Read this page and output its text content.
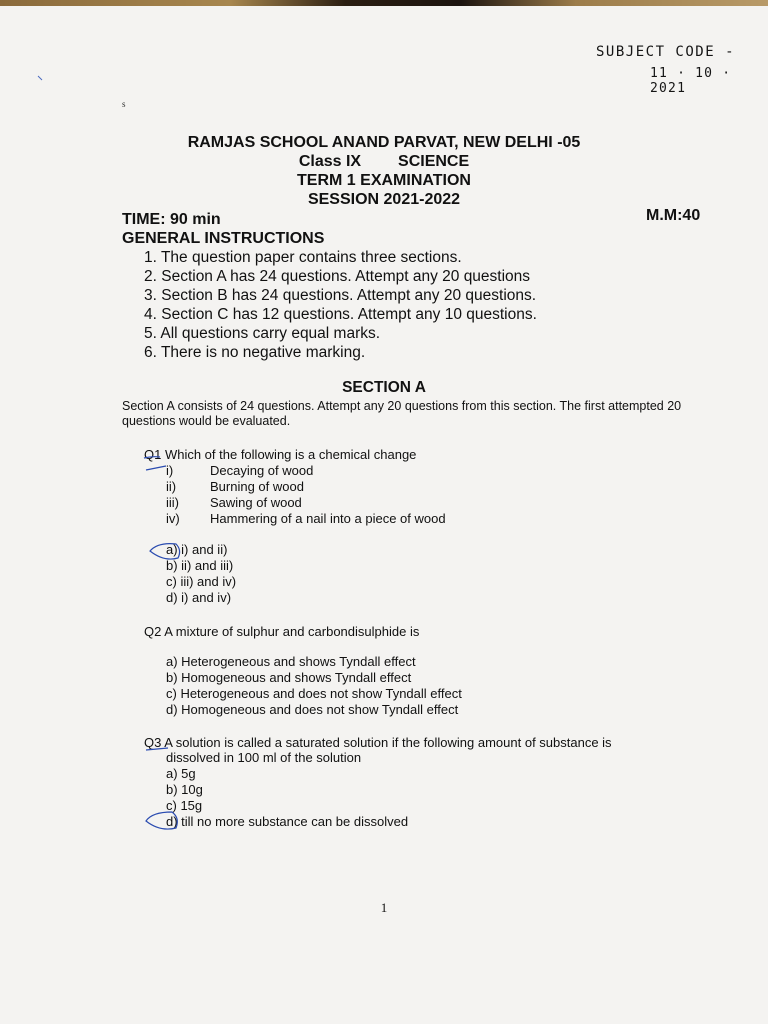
SUBJECT CODE -
11 · 10 · 2021
s
RAMJAS SCHOOL ANAND PARVAT, NEW DELHI -05
Class IX SCIENCE
TERM 1 EXAMINATION
SESSION 2021-2022
TIME: 90 min	M.M:40
GENERAL INSTRUCTIONS
1. The question paper contains three sections.
2. Section A has 24 questions. Attempt any 20 questions
3. Section B has 24 questions. Attempt any 20 questions.
4. Section C has 12 questions. Attempt any 10 questions.
5. All questions carry equal marks.
6. There is no negative marking.
SECTION A
Section A consists of 24 questions. Attempt any 20 questions from this section. The first attempted 20 questions would be evaluated.
Q1 Which of the following is a chemical change
i)	Decaying of wood
ii)	Burning of wood
iii) Sawing of wood
iv) Hammering of a nail into a piece of wood
a) i) and ii)
b) ii) and iii)
c) iii) and iv)
d) i) and iv)
Q2 A mixture of sulphur and carbondisulphide is
a) Heterogeneous and shows Tyndall effect
b) Homogeneous and shows Tyndall effect
c) Heterogeneous and does not show Tyndall effect
d) Homogeneous and does not show Tyndall effect
Q3 A solution is called a saturated solution if the following amount of substance is
dissolved in 100 ml of the solution
a) 5g
b) 10g
c) 15g
d) till no more substance can be dissolved
1
